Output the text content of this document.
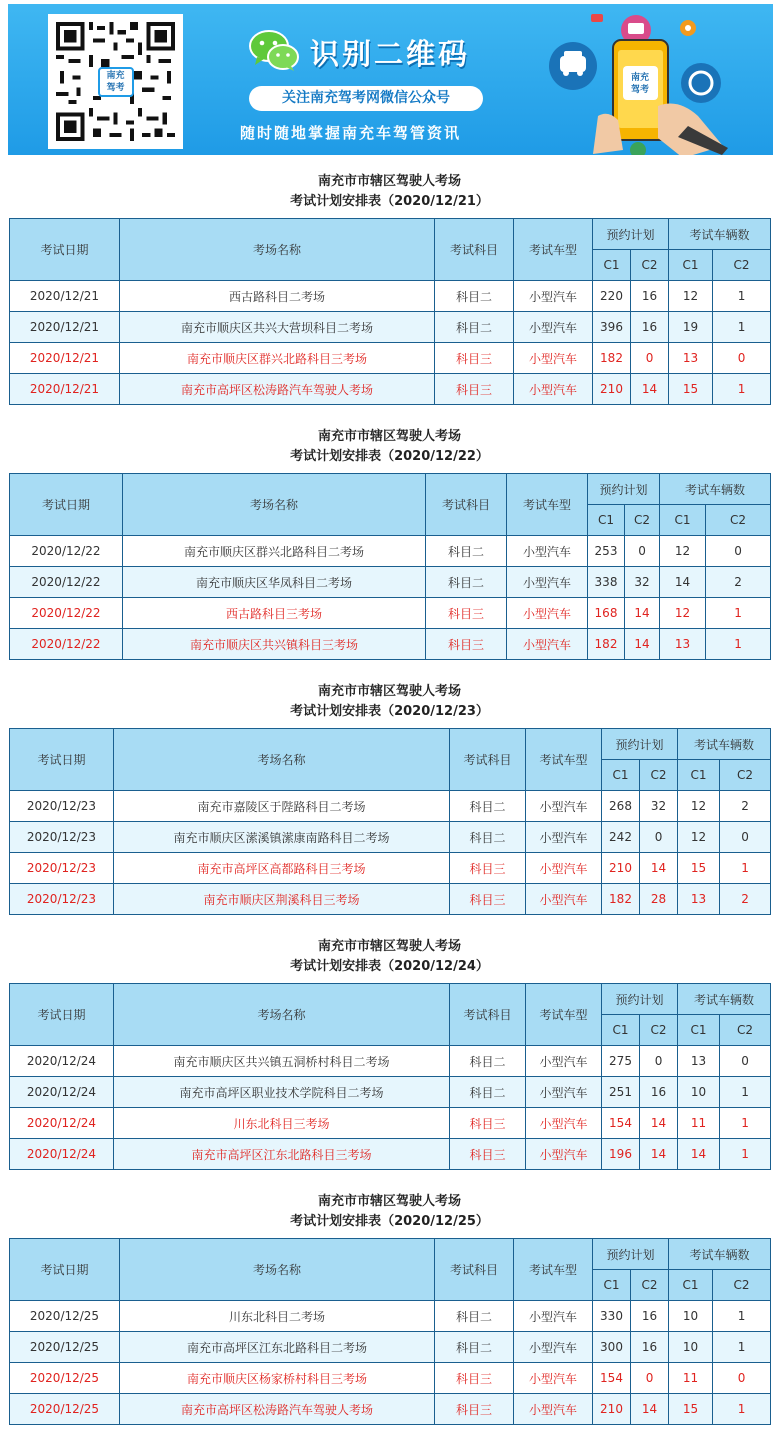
南充
驾考
识别二维码
关注南充驾考网微信公众号
随时随地掌握南充车驾管资讯
南充
驾考
南充市市辖区驾驶人考场
考试计划安排表（2020/12/21）
考试日期	考场名称	考试科目	考试车型	预约计划		考试车辆数	
				C1	C2	C1	C2
2020/12/21	西古路科目二考场	科目二	小型汽车	220	16	12	1
2020/12/21	南充市顺庆区共兴大营坝科目二考场	科目二	小型汽车	396	16	19	1
2020/12/21	南充市顺庆区群兴北路科目三考场	科目三	小型汽车	182	0	13	0
2020/12/21	南充市高坪区松涛路汽车驾驶人考场	科目三	小型汽车	210	14	15	1
南充市市辖区驾驶人考场
考试计划安排表（2020/12/22）
考试日期	考场名称	考试科目	考试车型	预约计划		考试车辆数	
				C1	C2	C1	C2
2020/12/22	南充市顺庆区群兴北路科目二考场	科目二	小型汽车	253	0	12	0
2020/12/22	南充市顺庆区华凤科目二考场	科目二	小型汽车	338	32	14	2
2020/12/22	西古路科目三考场	科目三	小型汽车	168	14	12	1
2020/12/22	南充市顺庆区共兴镇科目三考场	科目三	小型汽车	182	14	13	1
南充市市辖区驾驶人考场
考试计划安排表（2020/12/23）
考试日期	考场名称	考试科目	考试车型	预约计划		考试车辆数	
				C1	C2	C1	C2
2020/12/23	南充市嘉陵区于陛路科目二考场	科目二	小型汽车	268	32	12	2
2020/12/23	南充市顺庆区潆溪镇潆康南路科目二考场	科目二	小型汽车	242	0	12	0
2020/12/23	南充市高坪区高都路科目三考场	科目三	小型汽车	210	14	15	1
2020/12/23	南充市顺庆区荆溪科目三考场	科目三	小型汽车	182	28	13	2
南充市市辖区驾驶人考场
考试计划安排表（2020/12/24）
考试日期	考场名称	考试科目	考试车型	预约计划		考试车辆数	
				C1	C2	C1	C2
2020/12/24	南充市顺庆区共兴镇五洞桥村科目二考场	科目二	小型汽车	275	0	13	0
2020/12/24	南充市高坪区职业技术学院科目二考场	科目二	小型汽车	251	16	10	1
2020/12/24	川东北科目三考场	科目三	小型汽车	154	14	11	1
2020/12/24	南充市高坪区江东北路科目三考场	科目三	小型汽车	196	14	14	1
南充市市辖区驾驶人考场
考试计划安排表（2020/12/25）
考试日期	考场名称	考试科目	考试车型	预约计划		考试车辆数	
				C1	C2	C1	C2
2020/12/25	川东北科目二考场	科目二	小型汽车	330	16	10	1
2020/12/25	南充市高坪区江东北路科目二考场	科目二	小型汽车	300	16	10	1
2020/12/25	南充市顺庆区杨家桥村科目三考场	科目三	小型汽车	154	0	11	0
2020/12/25	南充市高坪区松涛路汽车驾驶人考场	科目三	小型汽车	210	14	15	1
